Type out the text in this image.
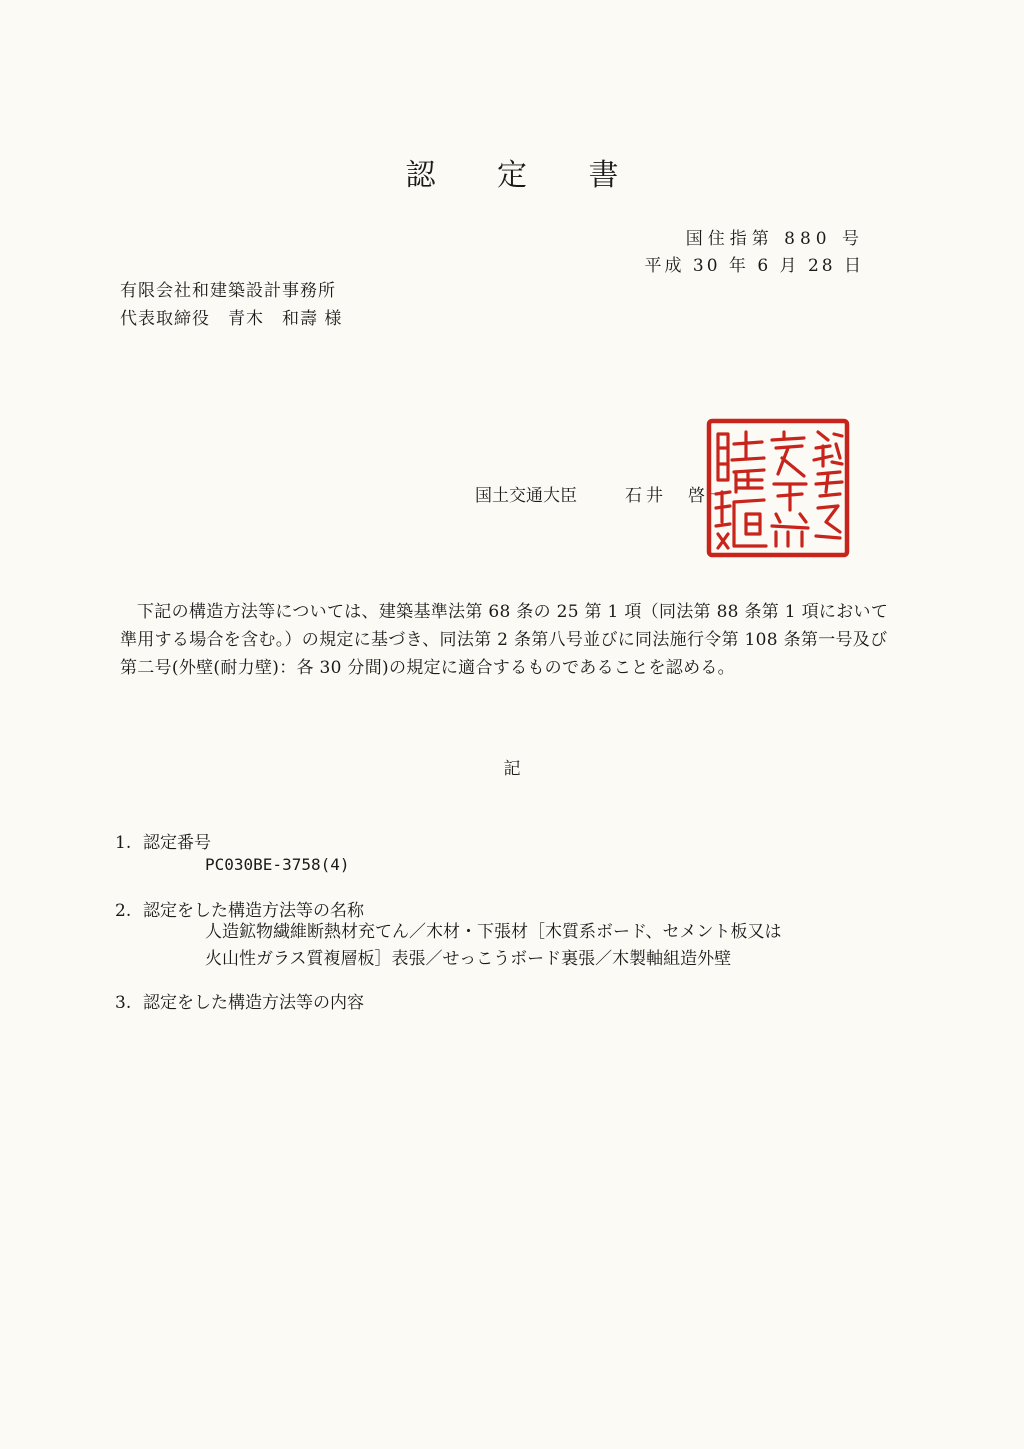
認 定 書
国住指第 880 号
平成 30 年 6 月 28 日
有限会社和建築設計事務所
代表取締役　青木　和壽 様
国土交通大臣	石井　啓一
下記の構造方法等については、建築基準法第 68 条の 25 第 1 項（同法第 88 条第 1 項において準用する場合を含む。）の規定に基づき、同法第 2 条第八号並びに同法施行令第 108 条第一号及び第二号(外壁(耐力壁)：各 30 分間)の規定に適合するものであることを認める。
記
1. 認定番号
PC030BE-3758(4)
2. 認定をした構造方法等の名称
人造鉱物繊維断熱材充てん／木材・下張材［木質系ボード、セメント板又は
火山性ガラス質複層板］表張／せっこうボード裏張／木製軸組造外壁
3. 認定をした構造方法等の内容
